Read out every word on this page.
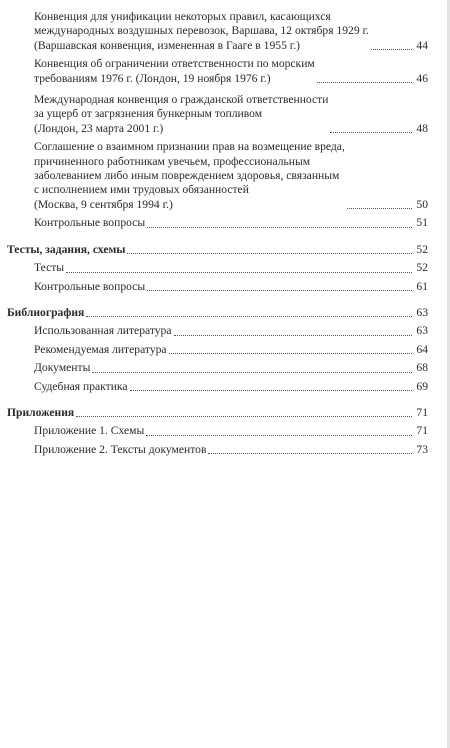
Конвенция для унификации некоторых правил, касающихся
международных воздушных перевозок, Варшава, 12 октября 1929 г.
(Варшавская конвенция, измененная в Гааге в 1955 г.)	44
Конвенция об ограничении ответственности по морским
требованиям 1976 г. (Лондон, 19 ноября 1976 г.)	46
Международная конвенция о гражданской ответственности
за ущерб от загрязнения бункерным топливом
(Лондон, 23 марта 2001 г.)	48
Соглашение о взаимном признании прав на возмещение вреда,
причиненного работникам увечьем, профессиональным
заболеванием либо иным повреждением здоровья, связанным
с исполнением ими трудовых обязанностей
(Москва, 9 сентября 1994 г.)	50
Контрольные вопросы	51
Тесты, задания, схемы	52
Тесты	52
Контрольные вопросы	61
Библиография	63
Использованная литература	63
Рекомендуемая литература	64
Документы	68
Судебная практика	69
Приложения	71
Приложение 1. Схемы	71
Приложение 2. Тексты документов	73
